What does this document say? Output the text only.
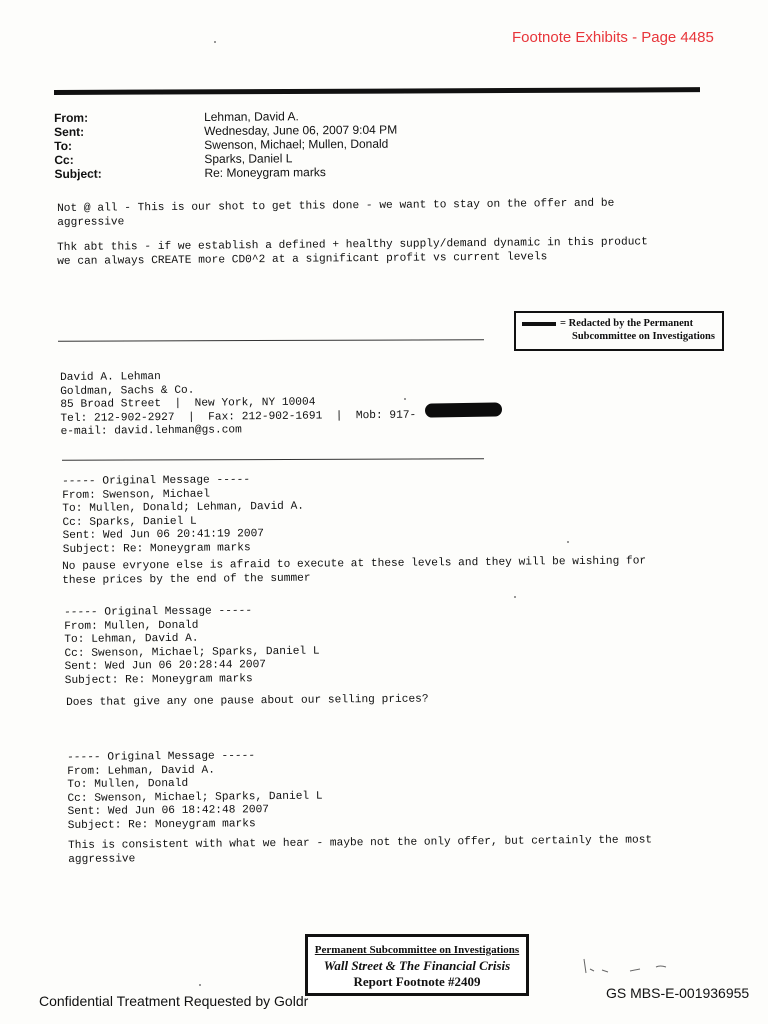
Footnote Exhibits - Page 4485
From:	Lehman, David A.
Sent:	Wednesday, June 06, 2007 9:04 PM
To:	Swenson, Michael; Mullen, Donald
Cc:	Sparks, Daniel L
Subject:	Re: Moneygram marks
Not @ all - This is our shot to get this done - we want to stay on the offer and be
aggressive
Thk abt this - if we establish a defined + healthy supply/demand dynamic in this product
we can always CREATE more CD0^2 at a significant profit vs current levels
= Redacted by the Permanent
Subcommittee on Investigations
David A. Lehman
Goldman, Sachs & Co.
85 Broad Street  |  New York, NY 10004
Tel: 212-902-2927  |  Fax: 212-902-1691  |  Mob: 917-
e-mail: david.lehman@gs.com
----- Original Message -----
From: Swenson, Michael
To: Mullen, Donald; Lehman, David A.
Cc: Sparks, Daniel L
Sent: Wed Jun 06 20:41:19 2007
Subject: Re: Moneygram marks
No pause evryone else is afraid to execute at these levels and they will be wishing for
these prices by the end of the summer
----- Original Message -----
From: Mullen, Donald
To: Lehman, David A.
Cc: Swenson, Michael; Sparks, Daniel L
Sent: Wed Jun 06 20:28:44 2007
Subject: Re: Moneygram marks
Does that give any one pause about our selling prices?
----- Original Message -----
From: Lehman, David A.
To: Mullen, Donald
Cc: Swenson, Michael; Sparks, Daniel L
Sent: Wed Jun 06 18:42:48 2007
Subject: Re: Moneygram marks
This is consistent with what we hear - maybe not the only offer, but certainly the most
aggressive
Permanent Subcommittee on Investigations
Wall Street & The Financial Crisis
Report Footnote #2409
Confidential Treatment Requested by Goldr	GS MBS-E-001936955
